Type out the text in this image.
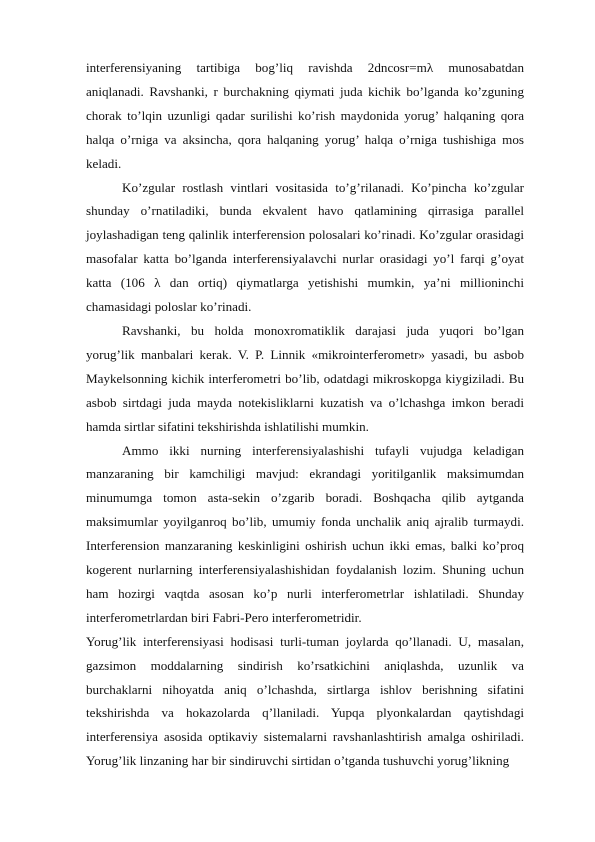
interferensiyaning tartibiga bog’liq ravishda 2dncosr=mλ munosabatdan aniqlanadi. Ravshanki, r burchakning qiymati juda kichik bo’lganda ko’zguning chorak to’lqin uzunligi qadar surilishi ko’rish maydonida yorug’ halqaning qora halqa o’rniga va aksincha, qora halqaning yorug’ halqa o’rniga tushishiga mos keladi.

Ko’zgular rostlash vintlari vositasida to’g’rilanadi. Ko’pincha ko’zgular shunday o’rnatiladiki, bunda ekvalent havo qatlamining qirrasiga parallel joylashadigan teng qalinlik interferension polosalari ko’rinadi. Ko’zgular orasidagi masofalar katta bo’lganda interferensiyalavchi nurlar orasidagi yo’l farqi g’oyat katta (106 λ dan ortiq) qiymatlarga yetishishi mumkin, ya’ni millioninchi chamasidagi poloslar ko’rinadi.

Ravshanki, bu holda monoxromatiklik darajasi juda yuqori bo’lgan yorug’lik manbalari kerak. V. P. Linnik «mikrointerferometr» yasadi, bu asbob Maykelsonning kichik interferometri bo’lib, odatdagi mikroskopga kiygiziladi. Bu asbob sirtdagi juda mayda notekisliklarni kuzatish va o’lchashga imkon beradi hamda sirtlar sifatini tekshirishda ishlatilishi mumkin.

Ammo ikki nurning interferensiyalashishi tufayli vujudga keladigan manzaraning bir kamchiligi mavjud: ekrandagi yoritilganlik maksimumdan minumumga tomon asta-sekin o’zgarib boradi. Boshqacha qilib aytganda maksimumlar yoyilganroq bo’lib, umumiy fonda unchalik aniq ajralib turmaydi. Interferension manzaraning keskinligini oshirish uchun ikki emas, balki ko’proq kogerent nurlarning interferensiyalashishidan foydalanish lozim. Shuning uchun ham hozirgi vaqtda asosan ko’p nurli interferometrlar ishlatiladi. Shunday interferometrlardan biri Fabri-Pero interferometridir.

Yorug’lik interferensiyasi hodisasi turli-tuman joylarda qo’llanadi. U, masalan, gazsimon moddalarning sindirish ko’rsatkichini aniqlashda, uzunlik va burchaklarni nihoyatda aniq o’lchashda, sirtlarga ishlov berishning sifatini tekshirishda va hokazolarda q’llaniladi. Yupqa plyonkalardan qaytishdagi interferensiya asosida optikaviy sistemalarni ravshanlashtirish amalga oshiriladi. Yorug’lik linzaning har bir sindiruvchi sirtidan o’tganda tushuvchi yorug’likning
